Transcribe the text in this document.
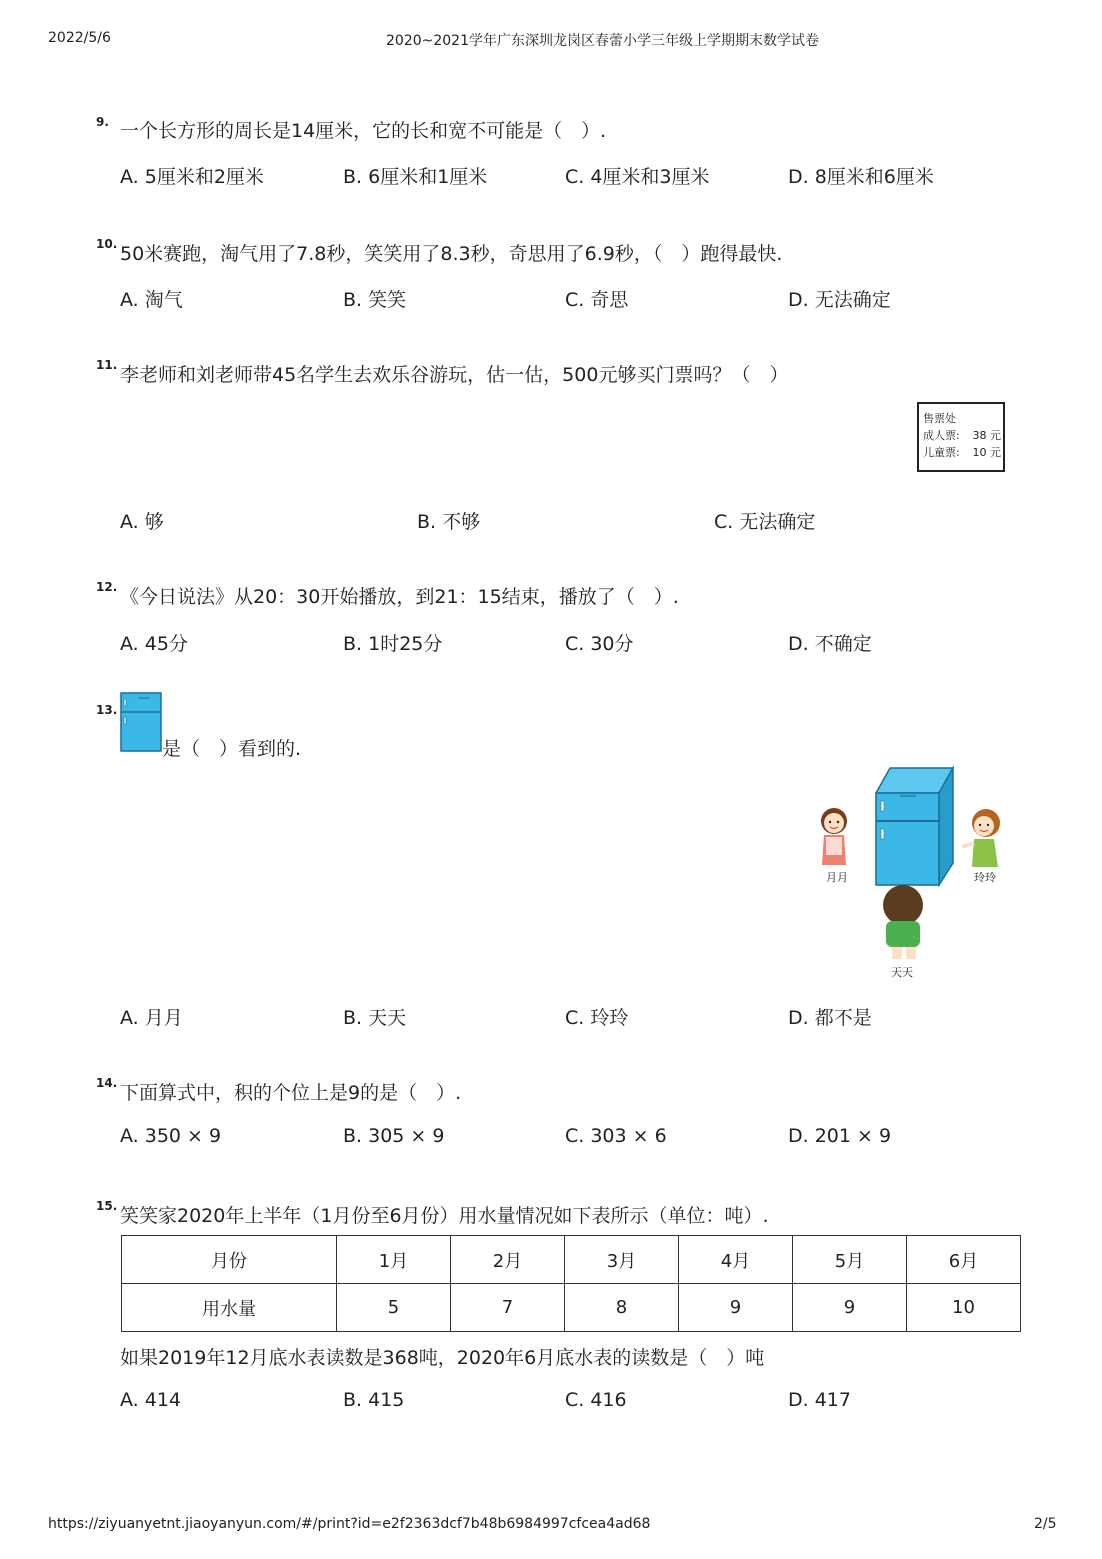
2022/5/6	2020~2021学年广东深圳龙岗区春蕾小学三年级上学期期末数学试卷
9. 一个长方形的周长是14厘米，它的长和宽不可能是（　）.
A. 5厘米和2厘米	B. 6厘米和1厘米	C. 4厘米和3厘米	D. 8厘米和6厘米
10. 50米赛跑，淘气用了7.8秒，笑笑用了8.3秒，奇思用了6.9秒，（　）跑得最快.
A. 淘气	B. 笑笑	C. 奇思	D. 无法确定
11. 李老师和刘老师带45名学生去欢乐谷游玩，估一估，500元够买门票吗？（　）
售票处
成人票: 38 元
儿童票: 10 元
A. 够	B. 不够	C. 无法确定
12. 《今日说法》从20：30开始播放，到21：15结束，播放了（　）.
A. 45分	B. 1时25分	C. 30分	D. 不确定
13.
是（　）看到的.
月月	玲玲
天天
A. 月月	B. 天天	C. 玲玲	D. 都不是
14. 下面算式中，积的个位上是9的是（　）.
A. 350 × 9	B. 305 × 9	C. 303 × 6	D. 201 × 9
15. 笑笑家2020年上半年（1月份至6月份）用水量情况如下表所示（单位：吨）.
月份	1月	2月	3月	4月	5月	6月
用水量	5	7	8	9	9	10
如果2019年12月底水表读数是368吨，2020年6月底水表的读数是（　）吨
A. 414	B. 415	C. 416	D. 417
https://ziyuanyetnt.jiaoyanyun.com/#/print?id=e2f2363dcf7b48b6984997cfcea4ad68	2/5
